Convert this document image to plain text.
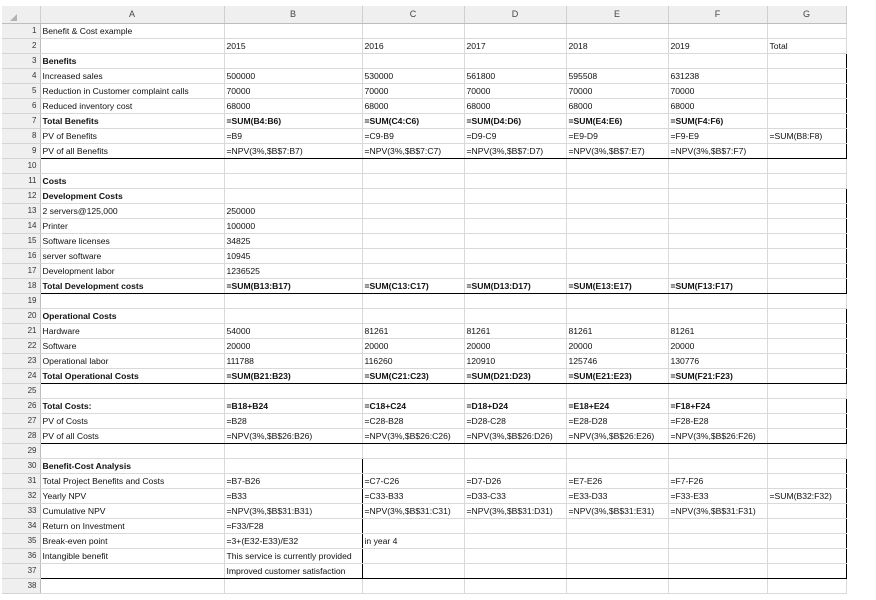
	A	B	C	D	E	F	G
1	Benefit & Cost example						
2		2015	2016	2017	2018	2019	Total
3	Benefits						
4	Increased sales	500000	530000	561800	595508	631238	
5	Reduction in Customer complaint calls	70000	70000	70000	70000	70000	
6	Reduced inventory cost	68000	68000	68000	68000	68000	
7	Total Benefits	=SUM(B4:B6)	=SUM(C4:C6)	=SUM(D4:D6)	=SUM(E4:E6)	=SUM(F4:F6)	
8	PV of Benefits	=B9	=C9-B9	=D9-C9	=E9-D9	=F9-E9	=SUM(B8:F8)
9	PV of all Benefits	=NPV(3%,$B$7:B7)	=NPV(3%,$B$7:C7)	=NPV(3%,$B$7:D7)	=NPV(3%,$B$7:E7)	=NPV(3%,$B$7:F7)	
10							
11	Costs						
12	Development Costs						
13	2 servers@125,000	250000					
14	Printer	100000					
15	Software licenses	34825					
16	server software	10945					
17	Development labor	1236525					
18	Total Development costs	=SUM(B13:B17)	=SUM(C13:C17)	=SUM(D13:D17)	=SUM(E13:E17)	=SUM(F13:F17)	
19							
20	Operational Costs						
21	Hardware	54000	81261	81261	81261	81261	
22	Software	20000	20000	20000	20000	20000	
23	Operational labor	111788	116260	120910	125746	130776	
24	Total Operational Costs	=SUM(B21:B23)	=SUM(C21:C23)	=SUM(D21:D23)	=SUM(E21:E23)	=SUM(F21:F23)	
25							
26	Total Costs:	=B18+B24	=C18+C24	=D18+D24	=E18+E24	=F18+F24	
27	PV of Costs	=B28	=C28-B28	=D28-C28	=E28-D28	=F28-E28	
28	PV of all Costs	=NPV(3%,$B$26:B26)	=NPV(3%,$B$26:C26)	=NPV(3%,$B$26:D26)	=NPV(3%,$B$26:E26)	=NPV(3%,$B$26:F26)	
29							
30	Benefit-Cost Analysis						
31	Total Project Benefits and Costs	=B7-B26	=C7-C26	=D7-D26	=E7-E26	=F7-F26	
32	Yearly NPV	=B33	=C33-B33	=D33-C33	=E33-D33	=F33-E33	=SUM(B32:F32)
33	Cumulative NPV	=NPV(3%,$B$31:B31)	=NPV(3%,$B$31:C31)	=NPV(3%,$B$31:D31)	=NPV(3%,$B$31:E31)	=NPV(3%,$B$31:F31)	
34	Return on Investment	=F33/F28					
35	Break-even point	=3+(E32-E33)/E32	in year 4				
36	Intangible benefit	This service is currently provided					
37		Improved customer satisfaction					
38							
